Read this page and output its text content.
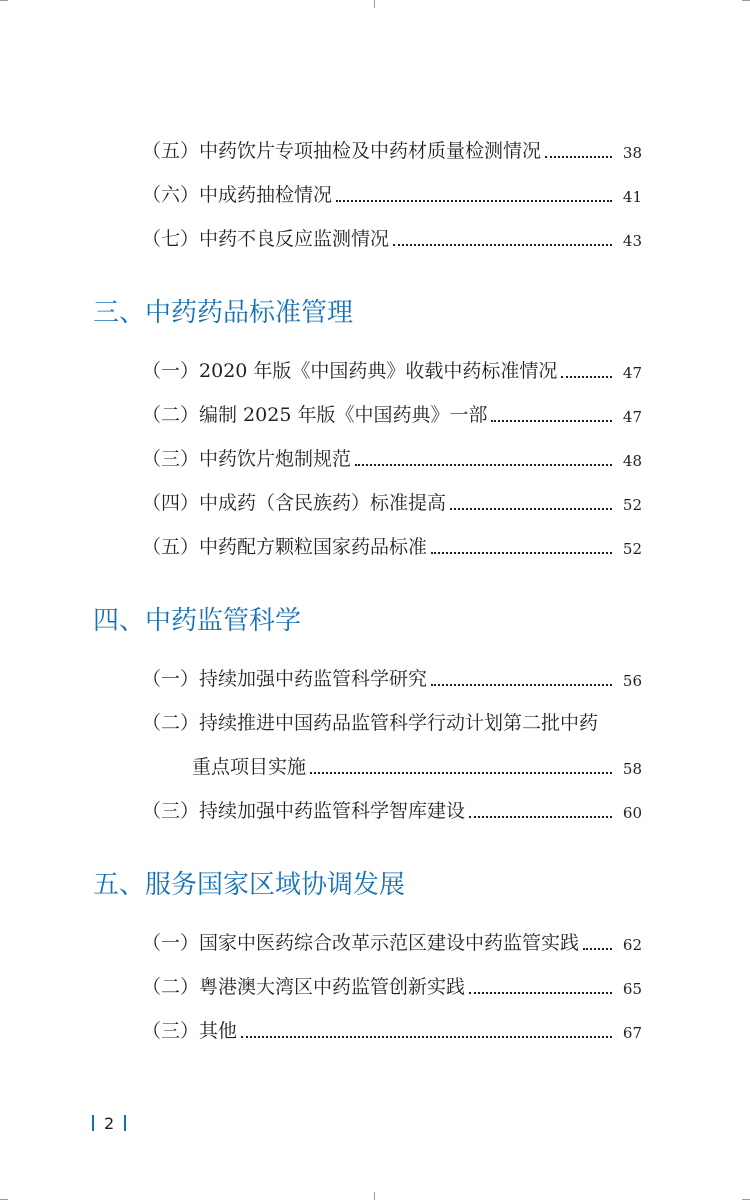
（五） 中药饮片专项抽检及中药材质量检测情况	38
（六） 中成药抽检情况	41
（七） 中药不良反应监测情况	43
三、中药药品标准管理
（一） 2020 年版《中国药典》收载中药标准情况	47
（二） 编制 2025 年版《中国药典》一部	47
（三） 中药饮片炮制规范	48
（四） 中成药（含民族药）标准提高	52
（五） 中药配方颗粒国家药品标准	52
四、中药监管科学
（一） 持续加强中药监管科学研究	56
（二）持续推进中国药品监管科学行动计划第二批中药
重点项目实施	58
（三） 持续加强中药监管科学智库建设	60
五、服务国家区域协调发展
（一） 国家中医药综合改革示范区建设中药监管实践	62
（二） 粤港澳大湾区中药监管创新实践	65
（三） 其他	67
2
